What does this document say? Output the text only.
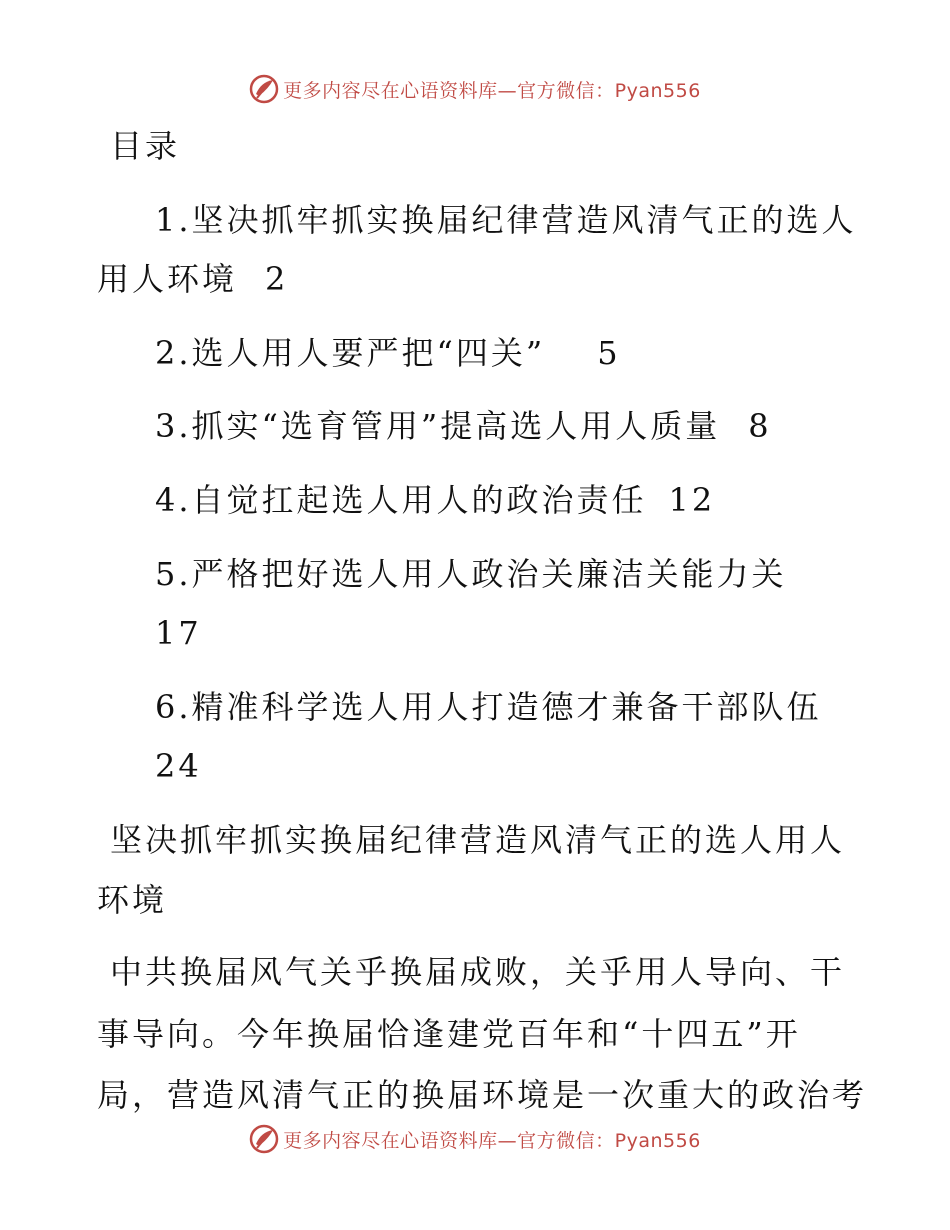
更多内容尽在心语资料库—官方微信：Pyan556
目录
1.坚决抓牢抓实换届纪律营造风清气正的选人
用人环境 2
2.选人用人要严把“四关” 5
3.抓实“选育管用”提高选人用人质量 8
4.自觉扛起选人用人的政治责任 12
5.严格把好选人用人政治关廉洁关能力关
17
6.精准科学选人用人打造德才兼备干部队伍
24
坚决抓牢抓实换届纪律营造风清气正的选人用人
环境
中共换届风气关乎换届成败，关乎用人导向、干
事导向。今年换届恰逢建党百年和“十四五”开
局，营造风清气正的换届环境是一次重大的政治考
更多内容尽在心语资料库—官方微信：Pyan556
